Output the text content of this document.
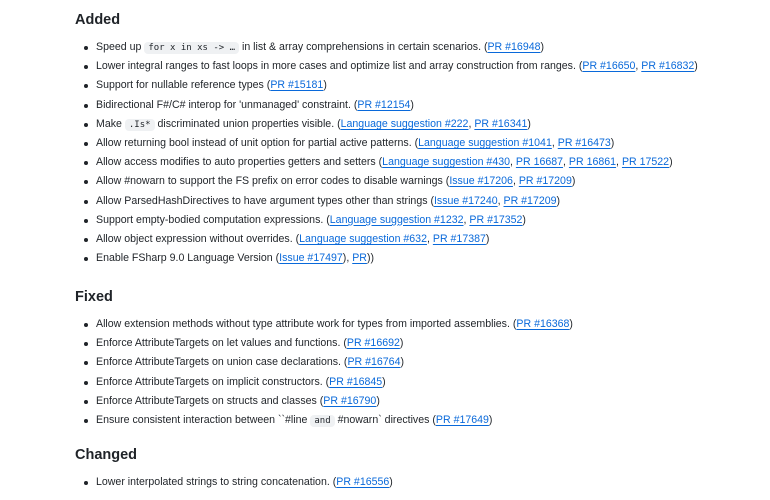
Added
Speed up for x in xs -> … in list & array comprehensions in certain scenarios. (PR #16948)
Lower integral ranges to fast loops in more cases and optimize list and array construction from ranges. (PR #16650, PR #16832)
Support for nullable reference types (PR #15181)
Bidirectional F#/C# interop for 'unmanaged' constraint. (PR #12154)
Make .Is* discriminated union properties visible. (Language suggestion #222, PR #16341)
Allow returning bool instead of unit option for partial active patterns. (Language suggestion #1041, PR #16473)
Allow access modifies to auto properties getters and setters (Language suggestion #430, PR 16687, PR 16861, PR 17522)
Allow #nowarn to support the FS prefix on error codes to disable warnings (Issue #17206, PR #17209)
Allow ParsedHashDirectives to have argument types other than strings (Issue #17240, PR #17209)
Support empty-bodied computation expressions. (Language suggestion #1232, PR #17352)
Allow object expression without overrides. (Language suggestion #632, PR #17387)
Enable FSharp 9.0 Language Version (Issue #17497), PR))
Fixed
Allow extension methods without type attribute work for types from imported assemblies. (PR #16368)
Enforce AttributeTargets on let values and functions. (PR #16692)
Enforce AttributeTargets on union case declarations. (PR #16764)
Enforce AttributeTargets on implicit constructors. (PR #16845)
Enforce AttributeTargets on structs and classes (PR #16790)
Ensure consistent interaction between ``#line and #nowarn` directives (PR #17649)
Changed
Lower interpolated strings to string concatenation. (PR #16556)
